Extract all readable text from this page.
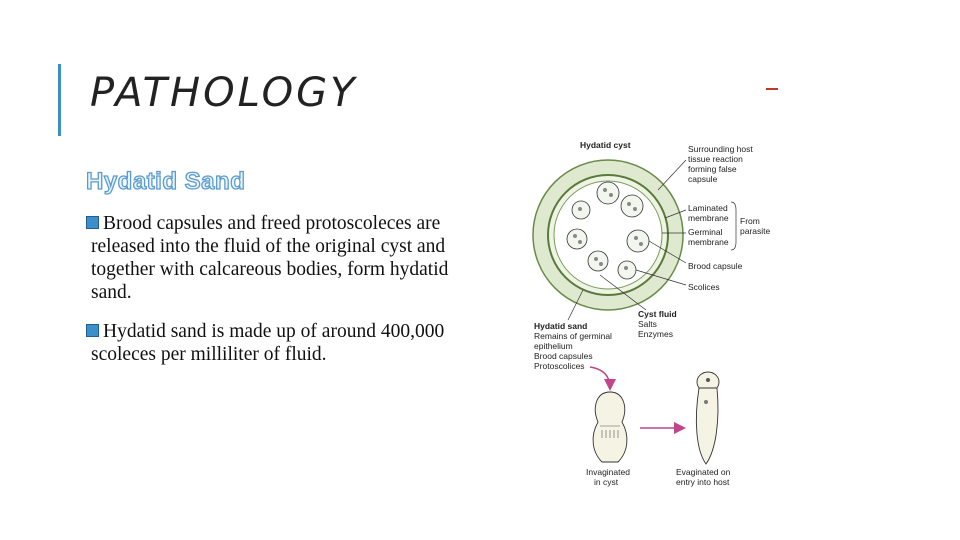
PATHOLOGY
Hydatid Sand
Brood capsules and freed protoscoleces are
released into the fluid of the original cyst and
together with calcareous bodies, form hydatid
sand.
Hydatid sand is made up of around 400,000
scoleces per milliliter of fluid.
Hydatid cyst	Surrounding host
tissue reaction
forming false
capsule
Laminated
membrane
Germinal
membrane
From
parasite
Brood capsule
Scolices
Cyst fluid
Salts
Enzymes
Hydatid sand
Remains of germinal
epithelium
Brood capsules
Protoscolices
Invaginated
in cyst
Evaginated on
entry into host
